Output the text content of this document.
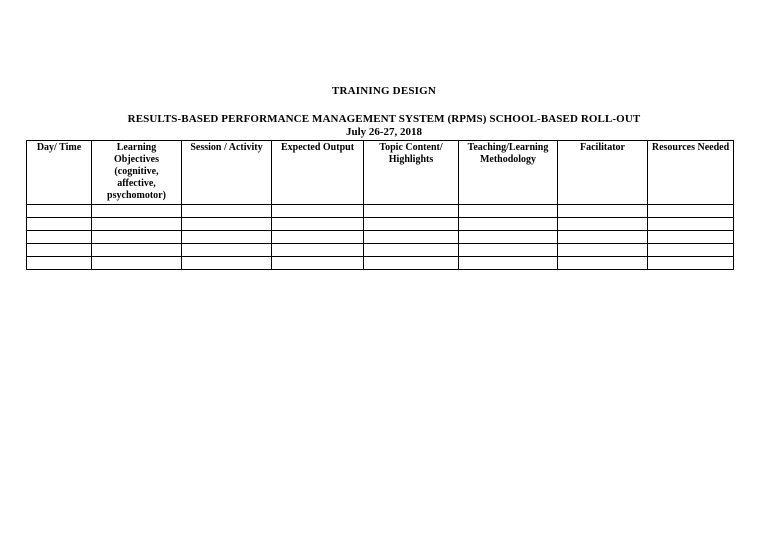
TRAINING DESIGN
RESULTS-BASED PERFORMANCE MANAGEMENT SYSTEM (RPMS) SCHOOL-BASED ROLL-OUT
July 26-27, 2018
Day/ Time	Learning Objectives (cognitive, affective, psychomotor)	Session / Activity	Expected Output	Topic Content/ Highlights	Teaching/Learning Methodology	Facilitator	Resources Needed
